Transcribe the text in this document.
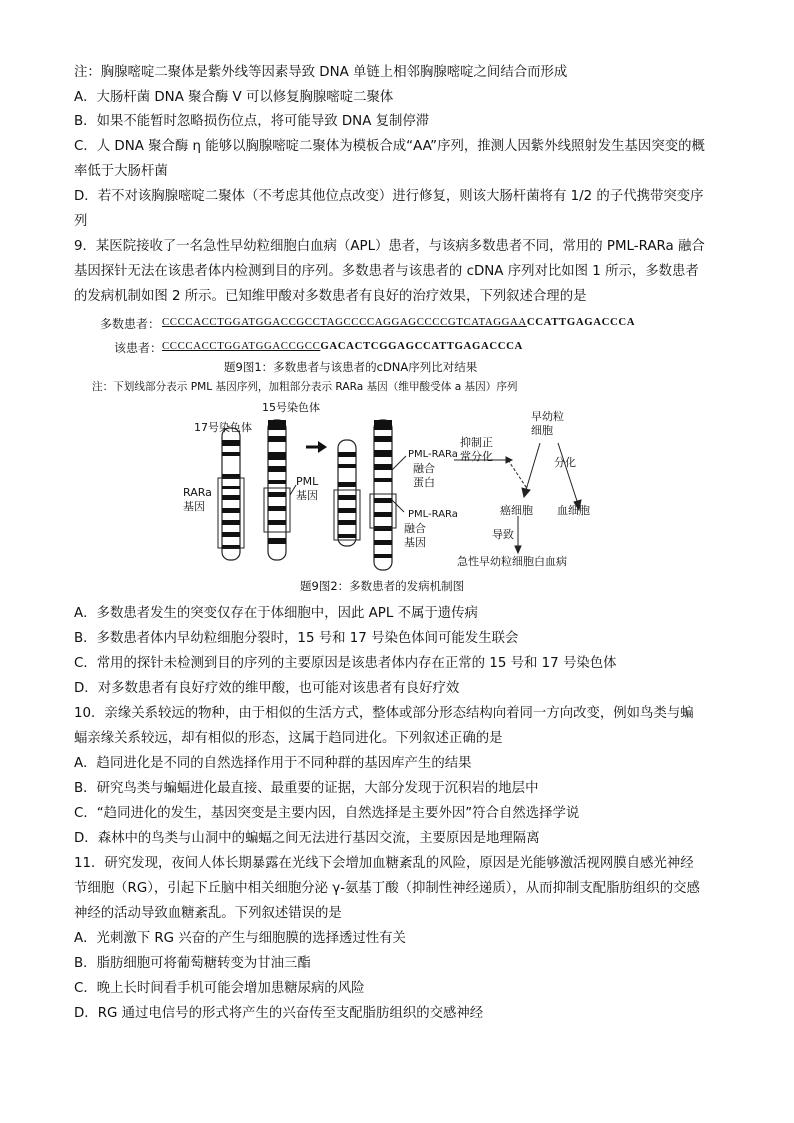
注：胸腺嘧啶二聚体是紫外线等因素导致 DNA 单链上相邻胸腺嘧啶之间结合而形成
A．大肠杆菌 DNA 聚合酶 V 可以修复胸腺嘧啶二聚体
B．如果不能暂时忽略损伤位点，将可能导致 DNA 复制停滞
C．人 DNA 聚合酶 η 能够以胸腺嘧啶二聚体为模板合成“AA”序列，推测人因紫外线照射发生基因突变的概
率低于大肠杆菌
D．若不对该胸腺嘧啶二聚体（不考虑其他位点改变）进行修复，则该大肠杆菌将有 1/2 的子代携带突变序
列
9．某医院接收了一名急性早幼粒细胞白血病（APL）患者，与该病多数患者不同，常用的 PML-RARa 融合
基因探针无法在该患者体内检测到目的序列。多数患者与该患者的 cDNA 序列对比如图 1 所示，多数患者
的发病机制如图 2 所示。已知维甲酸对多数患者有良好的治疗效果，下列叙述合理的是
多数患者： CCCCACCTGGATGGACCGCCTAGCCCCAGGAGCCCCGTCATAGGAACCATTGAGACCCA
该患者： CCCCACCTGGATGGACCGCCGACACTCGGAGCCATTGAGACCCA
题9图1：多数患者与该患者的cDNA序列比对结果
注：下划线部分表示 PML 基因序列，加粗部分表示 RARa 基因（维甲酸受体 a 基因）序列
17号染色体
15号染色体
RARa
基因
PML
基因
PML-RARa
融合
蛋白
PML-RARa
融合
基因
抑制正
常分化
早幼粒
细胞
分化
癌细胞 血细胞
导致
急性早幼粒细胞白血病
题9图2：多数患者的发病机制图
A．多数患者发生的突变仅存在于体细胞中，因此 APL 不属于遗传病
B．多数患者体内早幼粒细胞分裂时，15 号和 17 号染色体间可能发生联会
C．常用的探针未检测到目的序列的主要原因是该患者体内存在正常的 15 号和 17 号染色体
D．对多数患者有良好疗效的维甲酸，也可能对该患者有良好疗效
10．亲缘关系较远的物种，由于相似的生活方式，整体或部分形态结构向着同一方向改变，例如鸟类与蝙
蝠亲缘关系较远，却有相似的形态，这属于趋同进化。下列叙述正确的是
A．趋同进化是不同的自然选择作用于不同种群的基因库产生的结果
B．研究鸟类与蝙蝠进化最直接、最重要的证据，大部分发现于沉积岩的地层中
C．“趋同进化的发生，基因突变是主要内因，自然选择是主要外因”符合自然选择学说
D．森林中的鸟类与山洞中的蝙蝠之间无法进行基因交流，主要原因是地理隔离
11．研究发现，夜间人体长期暴露在光线下会增加血糖紊乱的风险，原因是光能够激活视网膜自感光神经
节细胞（RG），引起下丘脑中相关细胞分泌 γ-氨基丁酸（抑制性神经递质），从而抑制支配脂肪组织的交感
神经的活动导致血糖紊乱。下列叙述错误的是
A．光刺激下 RG 兴奋的产生与细胞膜的选择透过性有关
B．脂肪细胞可将葡萄糖转变为甘油三酯
C．晚上长时间看手机可能会增加患糖尿病的风险
D．RG 通过电信号的形式将产生的兴奋传至支配脂肪组织的交感神经
